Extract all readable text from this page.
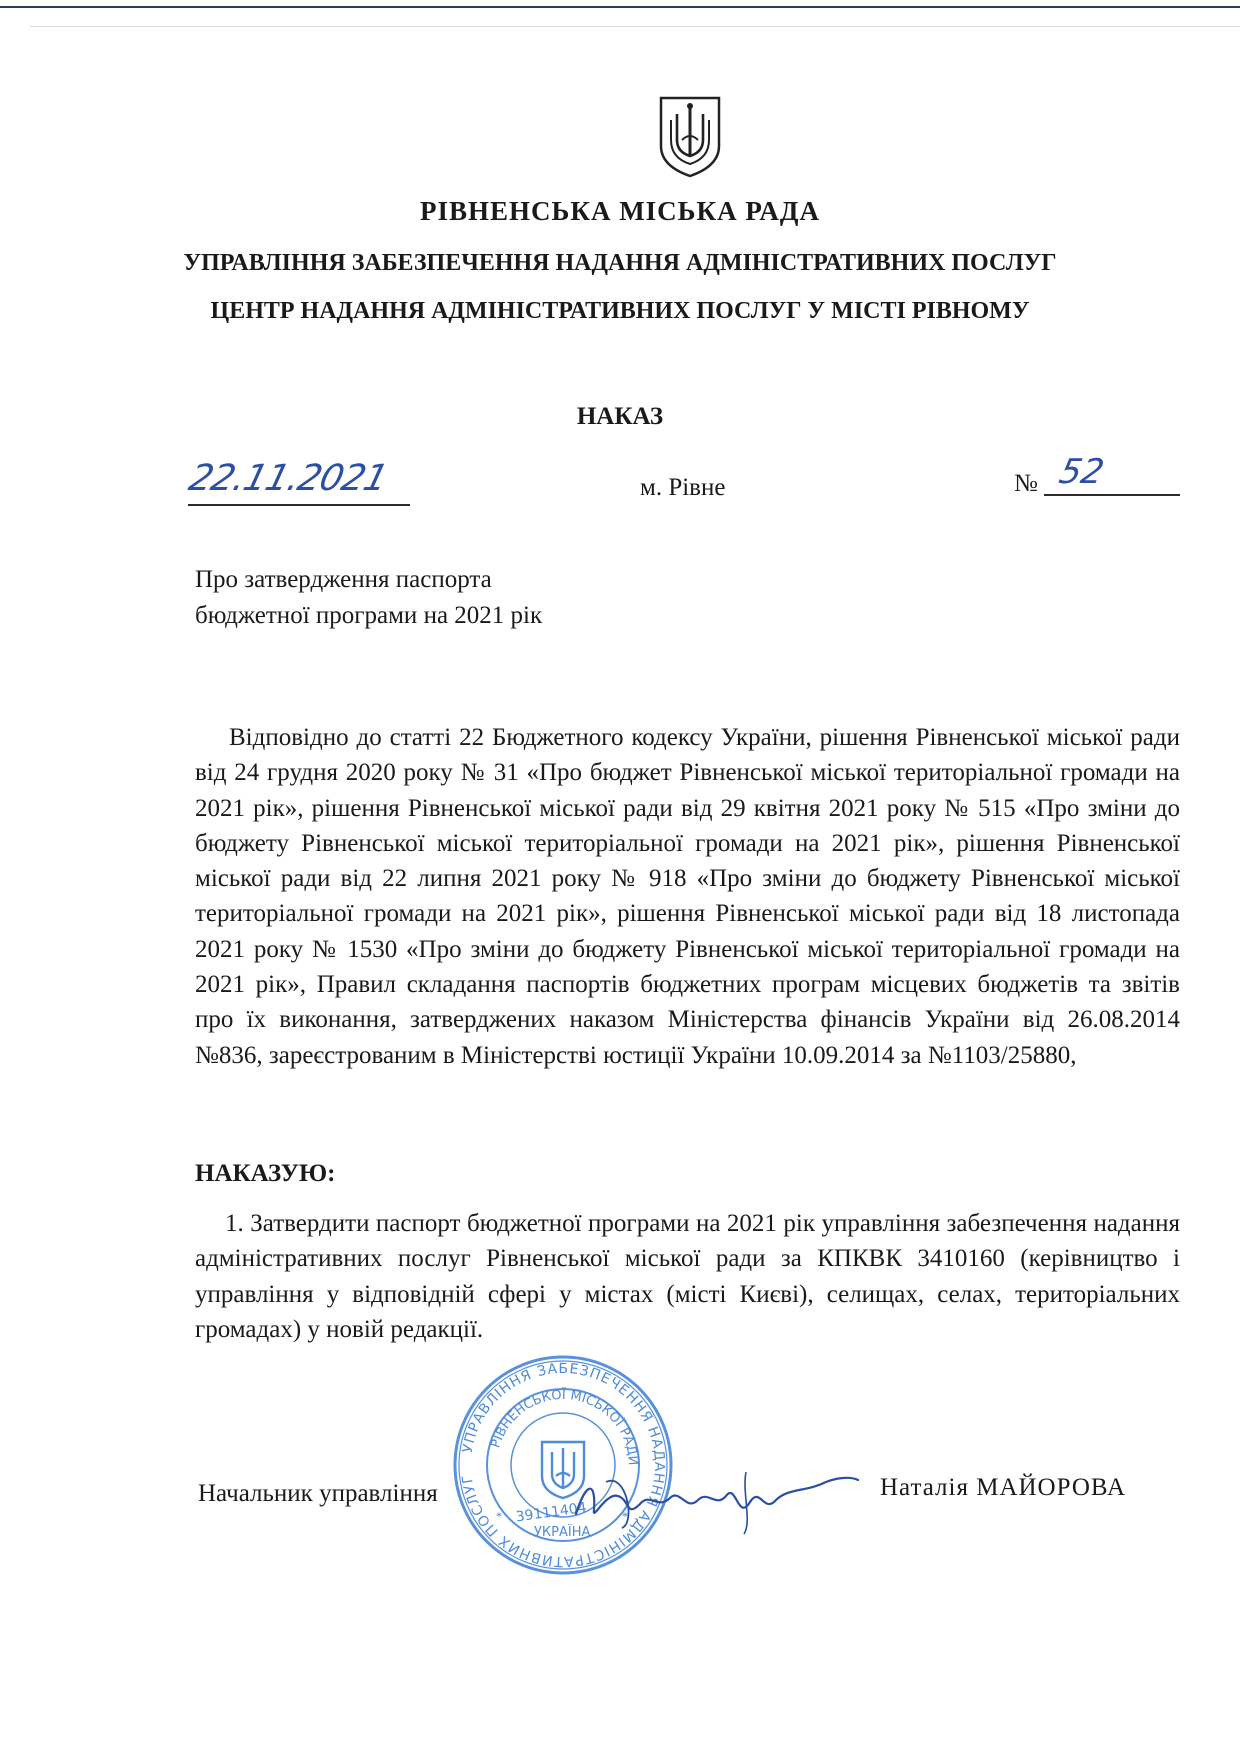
РІВНЕНСЬКА МІСЬКА РАДА
УПРАВЛІННЯ ЗАБЕЗПЕЧЕННЯ НАДАННЯ АДМІНІСТРАТИВНИХ ПОСЛУГ
ЦЕНТР НАДАННЯ АДМІНІСТРАТИВНИХ ПОСЛУГ У МІСТІ РІВНОМУ
НАКАЗ
22.11.2021	м. Рівне	№ 52
Про затвердження паспорта
бюджетної програми на 2021 рік
Відповідно до статті 22 Бюджетного кодексу України, рішення Рівненської міської ради від 24 грудня 2020 року № 31 «Про бюджет Рівненської міської територіальної громади на 2021 рік», рішення Рівненської міської ради від 29 квітня 2021 року № 515 «Про зміни до бюджету Рівненської міської територіальної громади на 2021 рік», рішення Рівненської міської ради від 22 липня 2021 року № 918 «Про зміни до бюджету Рівненської міської територіальної громади на 2021 рік», рішення Рівненської міської ради від 18 листопада 2021 року № 1530 «Про зміни до бюджету Рівненської міської територіальної громади на 2021 рік», Правил складання паспортів бюджетних програм місцевих бюджетів та звітів про їх виконання, затверджених наказом Міністерства фінансів України від 26.08.2014 №836, зареєстрованим в Міністерстві юстиції України 10.09.2014 за №1103/25880,
НАКАЗУЮ:
1. Затвердити паспорт бюджетної програми на 2021 рік управління забезпечення надання адміністративних послуг Рівненської міської ради за КПКВК 3410160 (керівництво і управління у відповідній сфері у містах (місті Києві), селищах, селах, територіальних громадах) у новій редакції.
Начальник управління
УПРАВЛІННЯ ЗАБЕЗПЕЧЕННЯ НАДАННЯ АДМІНІСТРАТИВНИХ ПОСЛУГ
РІВНЕНСЬКОЇ МІСЬКОЇ РАДИ
39111404
УКРАЇНА
*	*
Наталія МАЙОРОВА
